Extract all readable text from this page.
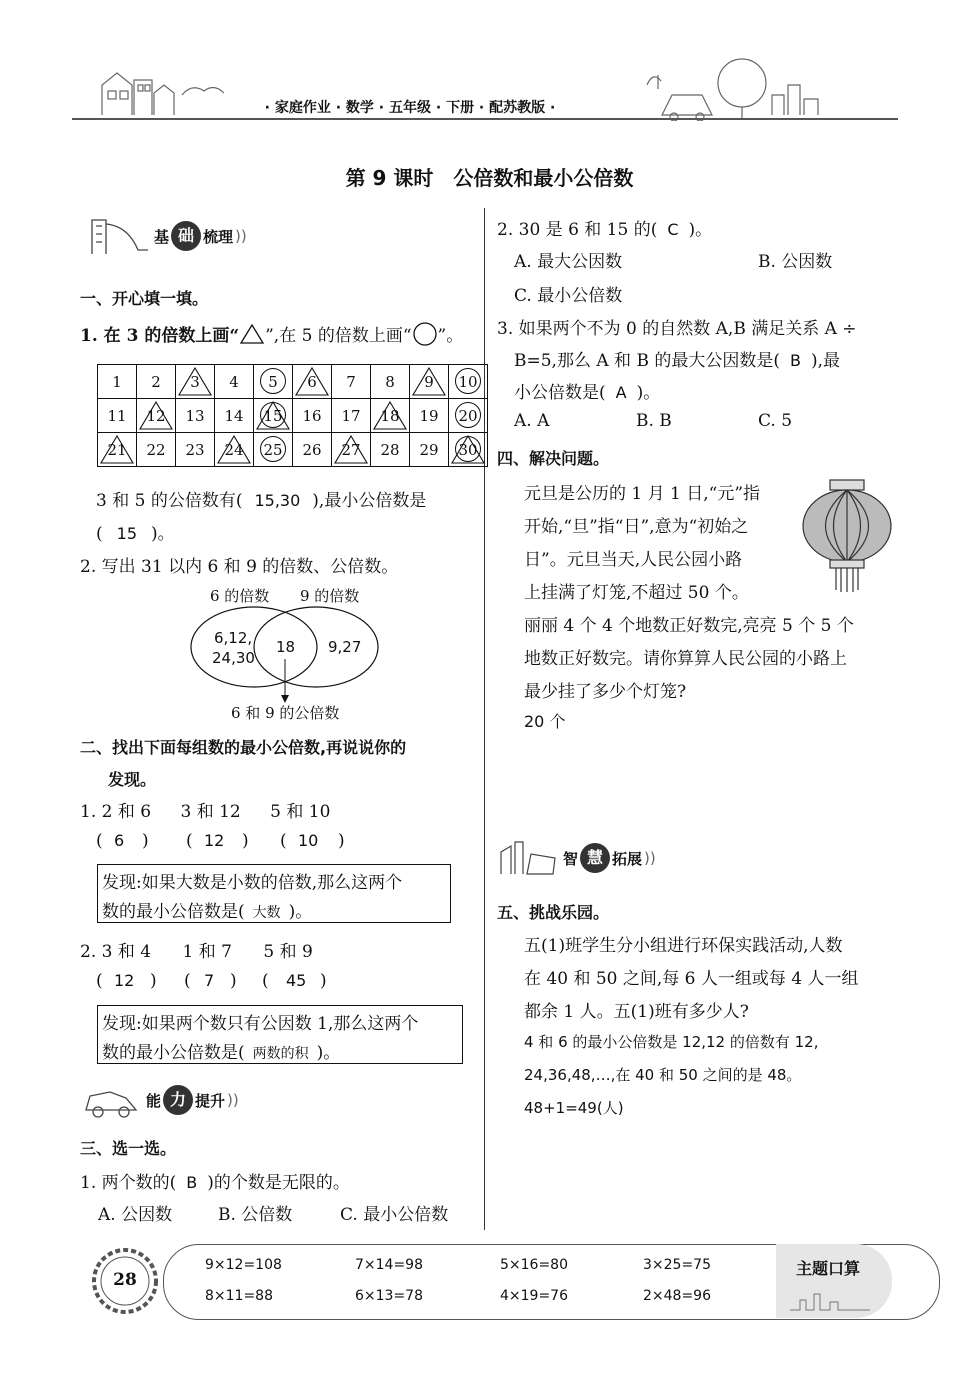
· 家庭作业 · 数学 · 五年级 · 下册 · 配苏教版 ·
第 9 课时　公倍数和最小公倍数
基 础 梳理 ))
一、开心填一填。
1. 在 3 的倍数上画“ ”,在 5 的倍数上画“ ”。
1	2	3	4	5	6	7	8	9	10
11	12	13	14	15	16	17	18	19	20

21	22	23	24	25	26	27	28	29	30
3 和 5 的公倍数有( 15,30 ),最小公倍数是
( 15 )。
2. 写出 31 以内 6 和 9 的倍数、公倍数。
6 的倍数 9 的倍数
6,12,
24,30
18 9,27
6 和 9 的公倍数
二、找出下面每组数的最小公倍数,再说说你的
发现。
1. 2 和 6 3 和 12 5 和 10
( 6 ) ( 12 ) ( 10 )
发现:如果大数是小数的倍数,那么这两个
数的最小公倍数是( 大数 )。
2. 3 和 4 1 和 7 5 和 9
( 12 ) ( 7 ) ( 45 )
发现:如果两个数只有公因数 1,那么这两个
数的最小公倍数是( 两数的积 )。
能 力 提升 ))
三、选一选。
1. 两个数的( B )的个数是无限的。
A. 公因数	B. 公倍数	C. 最小公倍数
2. 30 是 6 和 15 的( C )。
A. 最大公因数	B. 公因数
C. 最小公倍数
3. 如果两个不为 0 的自然数 A,B 满足关系 A ÷
B=5,那么 A 和 B 的最大公因数是( B ),最
小公倍数是( A )。
A. A	B. B	C. 5
四、解决问题。
元旦是公历的 1 月 1 日,“元”指
开始,“旦”指“日”,意为“初始之
日”。元旦当天,人民公园小路
上挂满了灯笼,不超过 50 个。
丽丽 4 个 4 个地数正好数完,亮亮 5 个 5 个
地数正好数完。请你算算人民公园的小路上
最少挂了多少个灯笼?
20 个
智 慧 拓展 ))
五、挑战乐园。
五(1)班学生分小组进行环保实践活动,人数
在 40 和 50 之间,每 6 人一组或每 4 人一组
都余 1 人。五(1)班有多少人?
4 和 6 的最小公倍数是 12,12 的倍数有 12,
24,36,48,…,在 40 和 50 之间的是 48。
48+1=49(人)
28
主题口算
9×12=108	7×14=98	5×16=80	3×25=75
8×11=88	6×13=78	4×19=76	2×48=96
